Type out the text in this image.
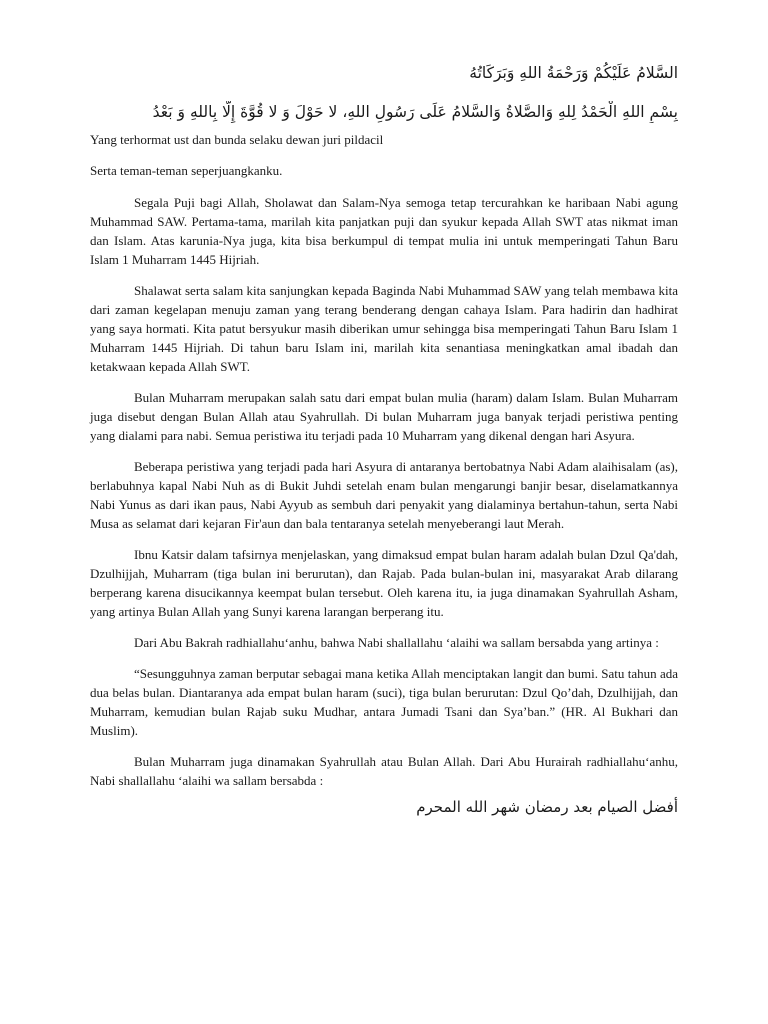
السَّلامُ عَلَيْكُمْ وَرَحْمَةُ اللهِ وَبَرَكَاتُهُ
بِسْمِ اللهِ الْحَمْدُ لِلهِ وَالصَّلاةُ وَالسَّلامُ عَلَى رَسُولِ اللهِ، لا حَوْلَ وَ لا قُوَّةَ إِلَّا بِاللهِ وَ بَعْدُ
Yang terhormat ust dan bunda selaku dewan juri pildacil
Serta teman-teman seperjuangkanku.

Segala Puji bagi Allah, Sholawat dan Salam-Nya semoga tetap tercurahkan ke haribaan Nabi agung Muhammad SAW. Pertama-tama, marilah kita panjatkan puji dan syukur kepada Allah SWT atas nikmat iman dan Islam. Atas karunia-Nya juga, kita bisa berkumpul di tempat mulia ini untuk memperingati Tahun Baru Islam 1 Muharram 1445 Hijriah.

Shalawat serta salam kita sanjungkan kepada Baginda Nabi Muhammad SAW yang telah membawa kita dari zaman kegelapan menuju zaman yang terang benderang dengan cahaya Islam. Para hadirin dan hadhirat yang saya hormati. Kita patut bersyukur masih diberikan umur sehingga bisa memperingati Tahun Baru Islam 1 Muharram 1445 Hijriah. Di tahun baru Islam ini, marilah kita senantiasa meningkatkan amal ibadah dan ketakwaan kepada Allah SWT.

Bulan Muharram merupakan salah satu dari empat bulan mulia (haram) dalam Islam. Bulan Muharram juga disebut dengan Bulan Allah atau Syahrullah. Di bulan Muharram juga banyak terjadi peristiwa penting yang dialami para nabi. Semua peristiwa itu terjadi pada 10 Muharram yang dikenal dengan hari Asyura.

Beberapa peristiwa yang terjadi pada hari Asyura di antaranya bertobatnya Nabi Adam alaihisalam (as), berlabuhnya kapal Nabi Nuh as di Bukit Juhdi setelah enam bulan mengarungi banjir besar, diselamatkannya Nabi Yunus as dari ikan paus, Nabi Ayyub as sembuh dari penyakit yang dialaminya bertahun-tahun, serta Nabi Musa as selamat dari kejaran Fir'aun dan bala tentaranya setelah menyeberangi laut Merah.

Ibnu Katsir dalam tafsirnya menjelaskan, yang dimaksud empat bulan haram adalah bulan Dzul Qa'dah, Dzulhijjah, Muharram (tiga bulan ini berurutan), dan Rajab. Pada bulan-bulan ini, masyarakat Arab dilarang berperang karena disucikannya keempat bulan tersebut. Oleh karena itu, ia juga dinamakan Syahrullah Asham, yang artinya Bulan Allah yang Sunyi karena larangan berperang itu.

Dari Abu Bakrah radhiallahu‘anhu, bahwa Nabi shallallahu ‘alaihi wa sallam bersabda yang artinya :

“Sesungguhnya zaman berputar sebagai mana ketika Allah menciptakan langit dan bumi. Satu tahun ada dua belas bulan. Diantaranya ada empat bulan haram (suci), tiga bulan berurutan: Dzul Qo’dah, Dzulhijjah, dan Muharram, kemudian bulan Rajab suku Mudhar, antara Jumadi Tsani dan Sya’ban.” (HR. Al Bukhari dan Muslim).

Bulan Muharram juga dinamakan Syahrullah atau Bulan Allah. Dari Abu Hurairah radhiallahu‘anhu, Nabi shallallahu ‘alaihi wa sallam bersabda :

أفضل الصيام بعد رمضان شهر الله المحرم
